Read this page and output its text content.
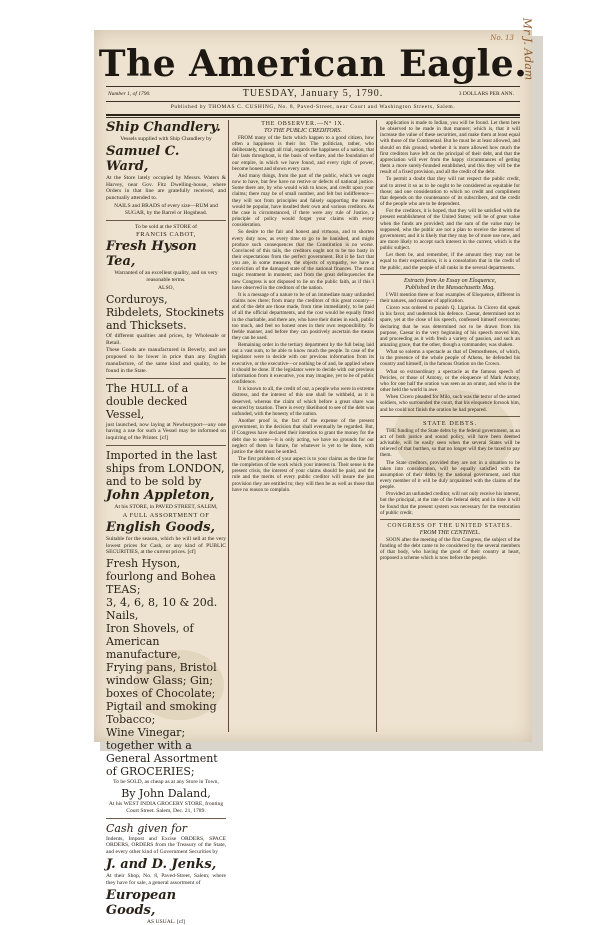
No. 13
The American Eagle.
Number 1, of 1790.	TUESDAY, January 5, 1790.	3 DOLLARS PER ANN.
Published by THOMAS C. CUSHING, No. 8, Paved-Street, near Court and Washington Streets, Salem.
Mr J. Adam
Ship Chandlery.
Vessels supplied with Ship Chandlery by
Samuel C. Ward,
At the Store lately occupied by Messrs. Waters & Harvey, near Gov. Fitz Dwelling-house, where Orders in that line are gratefully received, and punctually attended to.
NAILS and BRADS of every size—RUM and SUGAR, by the Barrel or Hogshead.
To be sold at the STORE of
FRANCIS CABOT,
Fresh Hyson Tea,
Warranted of an excellent quality, and on very reasonable terms.
ALSO,
Corduroys, Ribdelets, Stockinets and Thicksets.
Of different qualities and prices, by Wholesale or Retail.
These Goods are manufactured in Beverly, and are proposed to be lower in price than any English manufacture, of the same kind and quality, to be found in the State.
The HULL of a double decked Vessel,
just launched, now laying at Newburyport—any one having a use for such a Vessel may be informed on inquiring of the Printer. [cf]
Imported in the last ships from LONDON, and to be sold by
John Appleton,
At his STORE, in PAVED STREET, SALEM,
A FULL ASSORTMENT OF
English Goods,
Suitable for the season, which he will sell at the very lowest prices for Cash, or any kind of PUBLIC SECURITIES, at the current prices. [cf]
Fresh Hyson, fourlong and Bohea TEAS;
3, 4, 6, 8, 10 & 20d. Nails,
Iron Shovels, of American manufacture,
Frying pans, Bristol window Glass; Gin;
boxes of Chocolate; Pigtail and smoking Tobacco;
Wine Vinegar; together with a General Assortment of GROCERIES;
To be SOLD, as cheap as at any Store in Town,
By John Daland,
At his WEST INDIA GROCERY STORE, fronting Court Street. Salem, Dec. 21, 1789.
Cash given for
Indents, Impost and Excise ORDERS, SPACE ORDERS, ORDERS from the Treasury of the State, and every other kind of Government Securities by
J. and D. Jenks,
At their Shop, No. 8, Paved-Street, Salem; where they have for sale, a general assortment of
European Goods,
AS USUAL. [cf]
THE OBSERVER.—N° IX.
TO THE PUBLIC CREDITORS.

FROM many of the facts which happen to a good citizen, how often a happiness is their lot. The politician, rather, who deliberately, through all trial, regards the happiness of a nation, that fair lasts throughout, is the basis of welfare, and the foundation of our empire, in which we have found, and every right of power, become honest and shown every care.

And many things, from the part of the public, which we ought now to have, but few have no restive or defects of national justice. Some there are, by who would wish to know, and credit upon your claims; there may be of small number, and felt but indifference—they will not from principles and falsely supporting the means would be popular, have insulted their own and various creditors. As the case is circumstanced, if there were any rule of Justice, a principle of policy would forget your claims with every consideration.

So desire to the fair and honest and virtuous, and to shorten every duty now, as every time to go to be banished, and might produce such consequences that the Constitution is no worse. Convinced of this tails, the creditors ought not to be too basty in their expectations from the perfect government. But it be fact that you are, in some measure, the objects of sympathy, we have a conviction of the damaged state of the national finances. The most tragic treatment in moment; and from the great delinquencies the new Congress is not disposed to lie on the public faith, as if this I have observed in the creditors of the nation.

It is a message of a nature to be of an immediate many unfunded claims now there; from many the creditors of this great country—and of the debt are those made, from time immediately, to be paid of all the official departments, and the cost would be equally fitted in the charitable, and there are, who have their duties in each, public too much, and feel no honest ones in their own responsibility. To feeble manner, and before they can positively ascertain the means they can be used.

Remaining order in the tertiary department by the full being laid out a vast sum, to be able to know much the people. In case of the legislator were to decide with our previous information from its executive, or the executive—or nothing be of and, be applied where it should be done. If the legislator were to decide with out previous information from it executive, you may imagine, yet to be of public confidence.

It is known to all, the credit of our, a people who were in extreme distress, and the interest of this one shall be withheld, as it is deserved, whereas the claim of which before a great share was secured by taxation. There is every likelihood to see of the debt was unfunded, with the honesty of the nation.

Another proof is, the fact of the expense of the present government, in the decision that shall eventually be regarded. But, if Congress have declared their intention to grant the money for the debt due to some—it is only acting, we have no grounds for our neglect of them in future, for whatever is yet to be done, with justice the debt must be settled.

The first problem of your aspect is to your claims as the time for the completion of the work which your interest in. Their sense is the present crisis, the interest of your claims should be paid, and the rule and the merits of every public creditor will insure the just provision they are entitled to; they will then be as well as those that have no reason to complain.

application is made to Indian, you will be found. Let them here be observed to be made in that manner; which is, that it will increase the value of these securities, and make them at least equal with those of the Continental. But he must be at least allowed, and should on this ground, whether it is more allowed how much the first creditors have left on the principal of their debt, and that the appreciation will ever from the happy circumstances of getting them a more surely-founded established, and this they will be the result of a fixed provision, and all the credit of the debt.

To permit a doubt that they will not respect the public credit, and to arrest it so as to be ought to be considered as equitable for those; and one consideration to which no credit and compliment that depends on the countenance of its subscribers, and the credit of the people who are to be dependent.

For the creditors, it is hoped, that they will be satisfied with the present establishment of the United States; will be of great value when the funds are provided; and the sum of the value may be supposed, who the public are not a plan to receive the interest of government; and it is likely that they may be of more use now, and are more likely to accept such interest in the current, which is the public subject.

Let them be, and remember, if the amount they may not be equal to their expectations, it is a consolation that in the credit of the public, and the people of all ranks in the several departments.

Extracts from An Essay on Eloquence,
Published in the Massachusetts Mag.

I Will mention three or four examples of Eloquence, different in their natures, and manner of application.

Cicero was ordered to punish Q. Ligarius. In Cicero did speak in his favor, and undertook his defence. Caesar, determined not to spare, yet at the close of his speech, confessed himself overcome; declaring that he was determined not to be drawn from his purpose, Caesar in the very beginning of his speech moved him, and proceeding as it with fresh a variety of passion, and such an amazing grace, that the other, though a commander, was shaken.

What so solemn a spectacle as that of Demosthenes, of which, in the presence of the whole people of Athens, he defended his country and himself, in the famous Oration on the Crown.

What so extraordinary a spectacle as the famous speech of Pericles, or those of Antony, or the eloquence of Mark Antony, who for one half the oration was seen as an orator, and who in the other held the world in awe.

When Cicero pleaded for Milo, such was the terror of the armed soldiers, who surrounded the court, that his eloquence forsook him, and he could not finish the oration he had prepared.

STATE DEBTS.

THE funding of the State debts by the federal government, as an act of both justice and sound policy, will have been deemed advisable, will be easily seen when the several States will be relieved of that burthen, so that no longer will they be taxed to pay them.

The State creditors, provided they are not in a situation to be taken into consideration, will be equally satisfied with the assumption of their debts by the national government, and that every member of it will be duly acquainted with the claims of the people.

Provided an unfunded creditor, will not only receive his interest, but the principal, at the rate of the federal debt; and in time it will be found that the present system was necessary for the restoration of public credit.

CONGRESS OF THE UNITED STATES.
FROM THE CENTINEL.

SOON after the meeting of the first Congress, the subject of the funding of the debt came to be considered by the several members of that body, who having the good of their country at heart, proposed a scheme which is now before the people.
